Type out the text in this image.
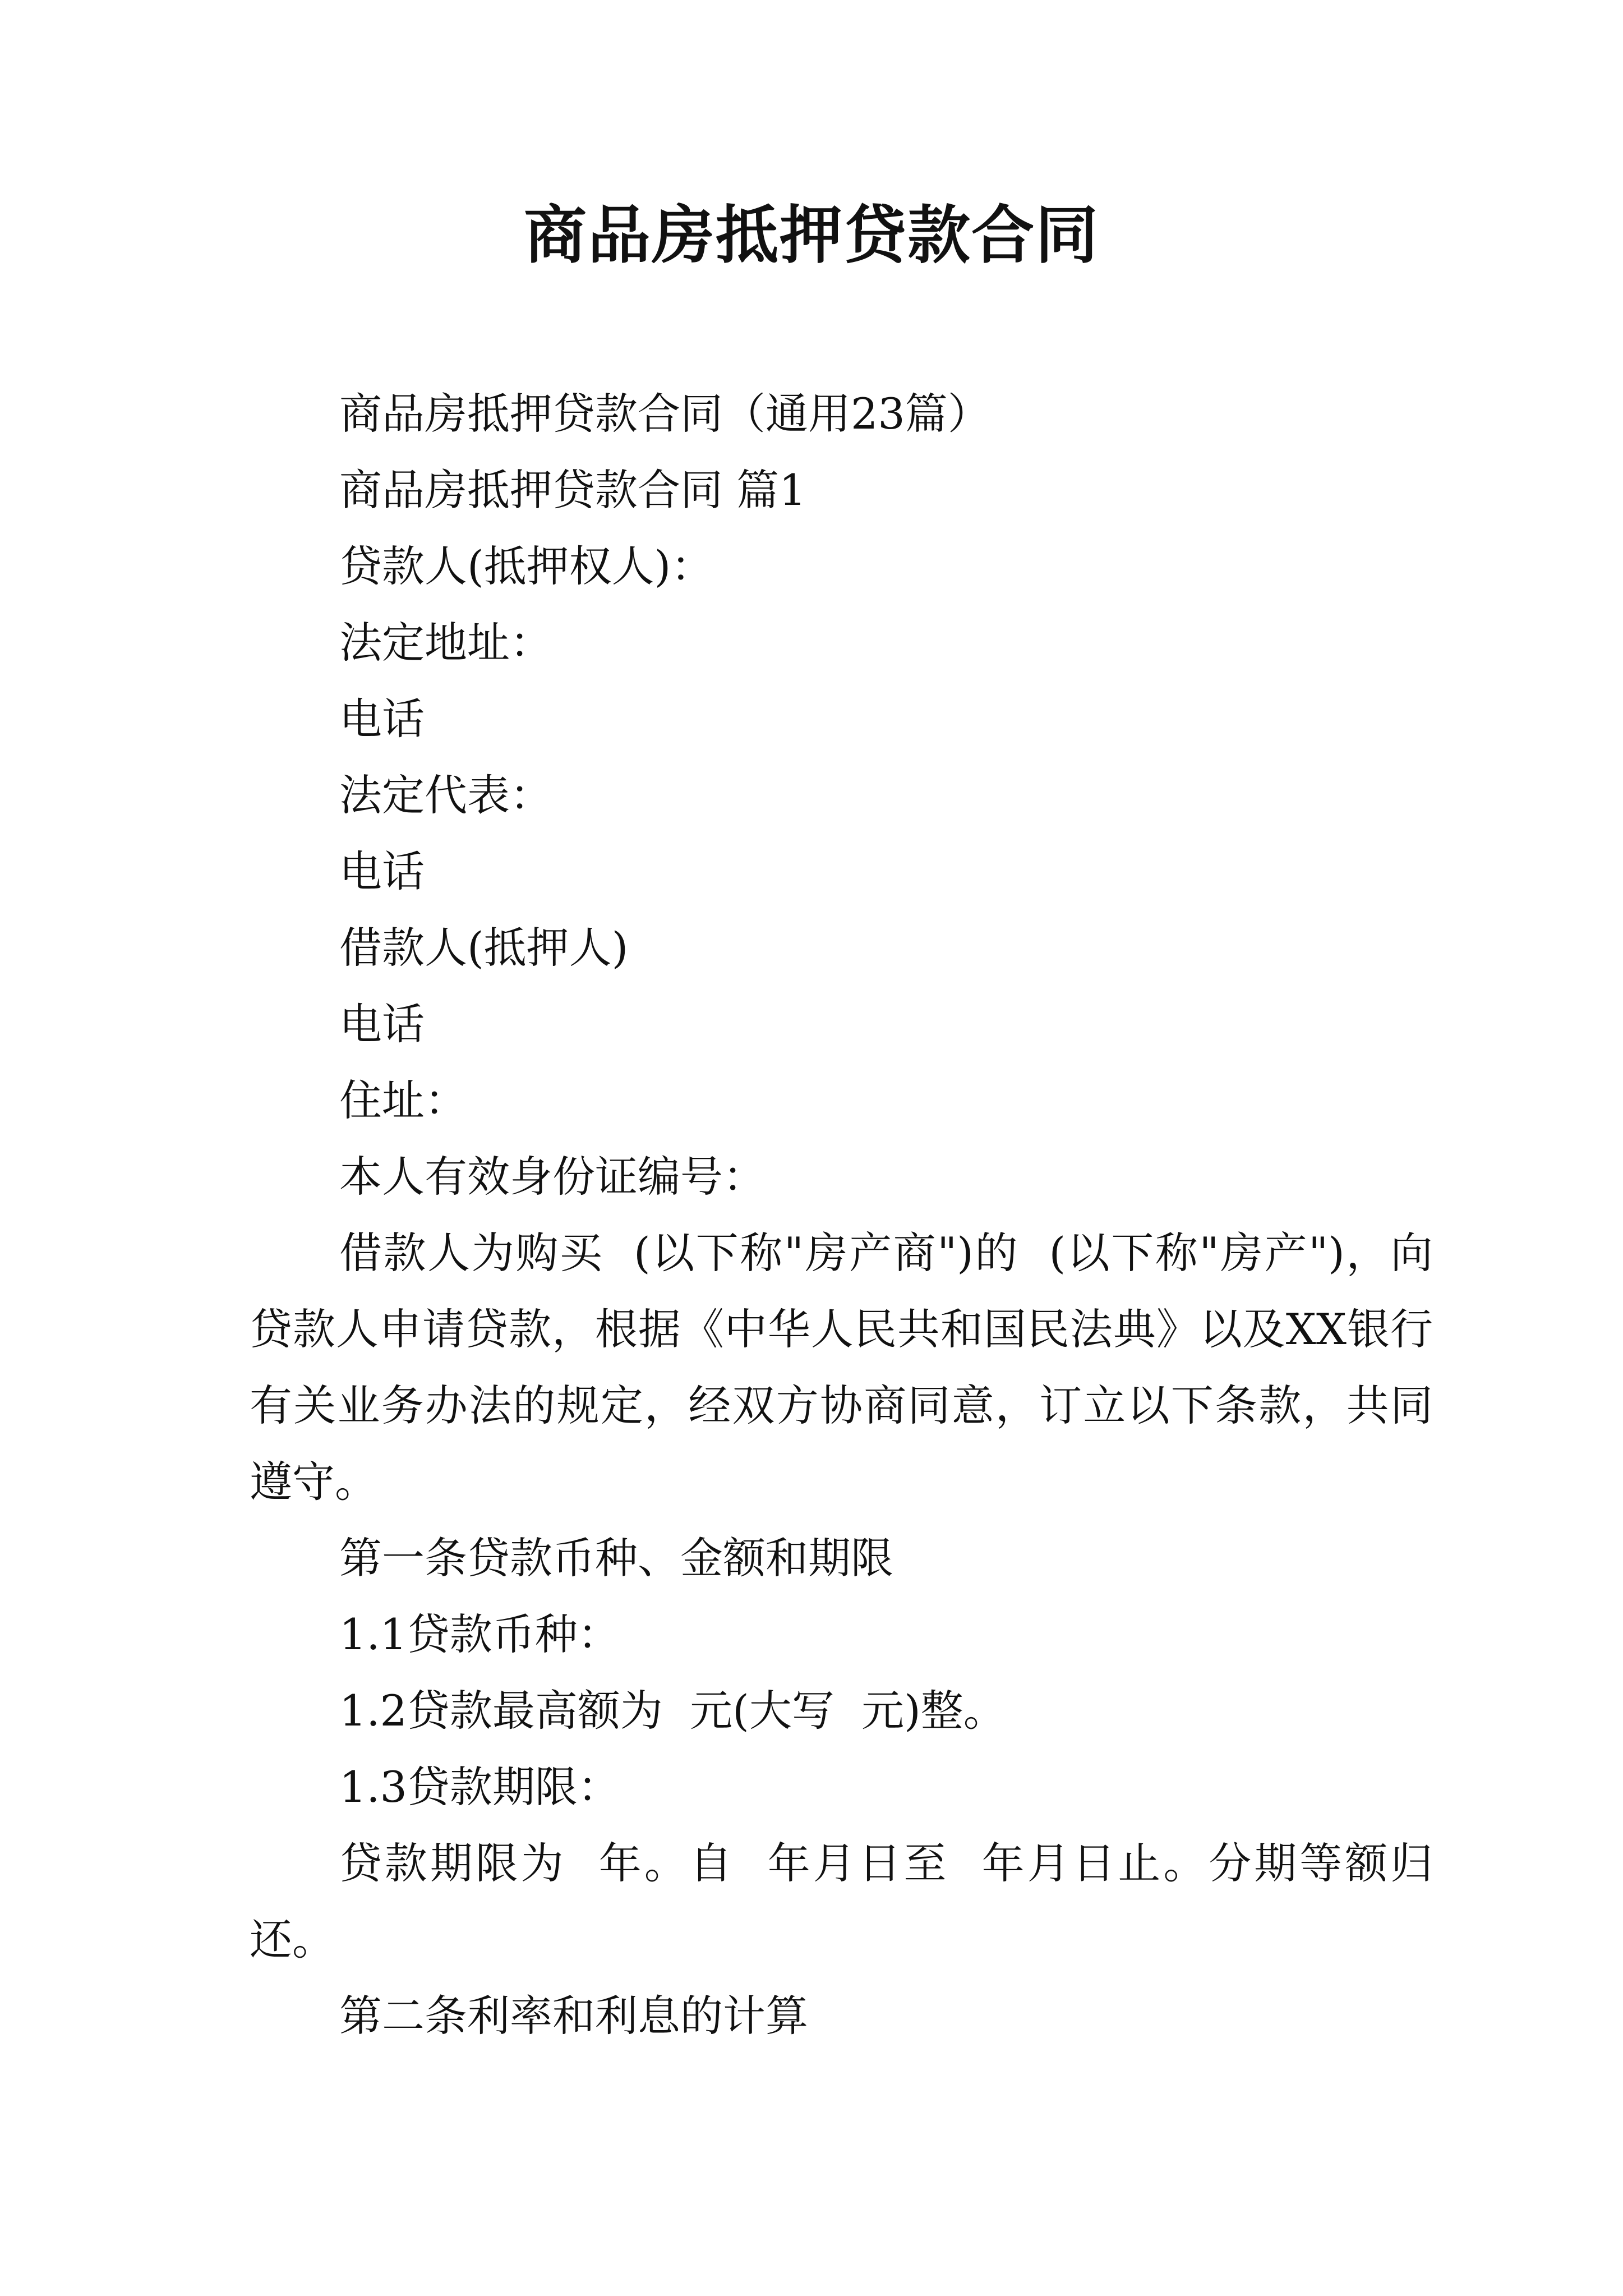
商品房抵押贷款合同

商品房抵押贷款合同（通用23篇）

商品房抵押贷款合同 篇1

贷款人(抵押权人)：

法定地址：

电话

法定代表：

电话

借款人(抵押人)

电话

住址：

本人有效身份证编号：

借款人为购买  (以下称"房产商")的  (以下称"房产")，向贷款人申请贷款，根据《中华人民共和国民法典》以及XX银行有关业务办法的规定，经双方协商同意，订立以下条款，共同遵守。

第一条贷款币种、金额和期限

1.1贷款币种：

1.2贷款最高额为  元(大写  元)整。

1.3贷款期限：

贷款期限为  年。自  年月日至  年月日止。分期等额归还。

第二条利率和利息的计算
